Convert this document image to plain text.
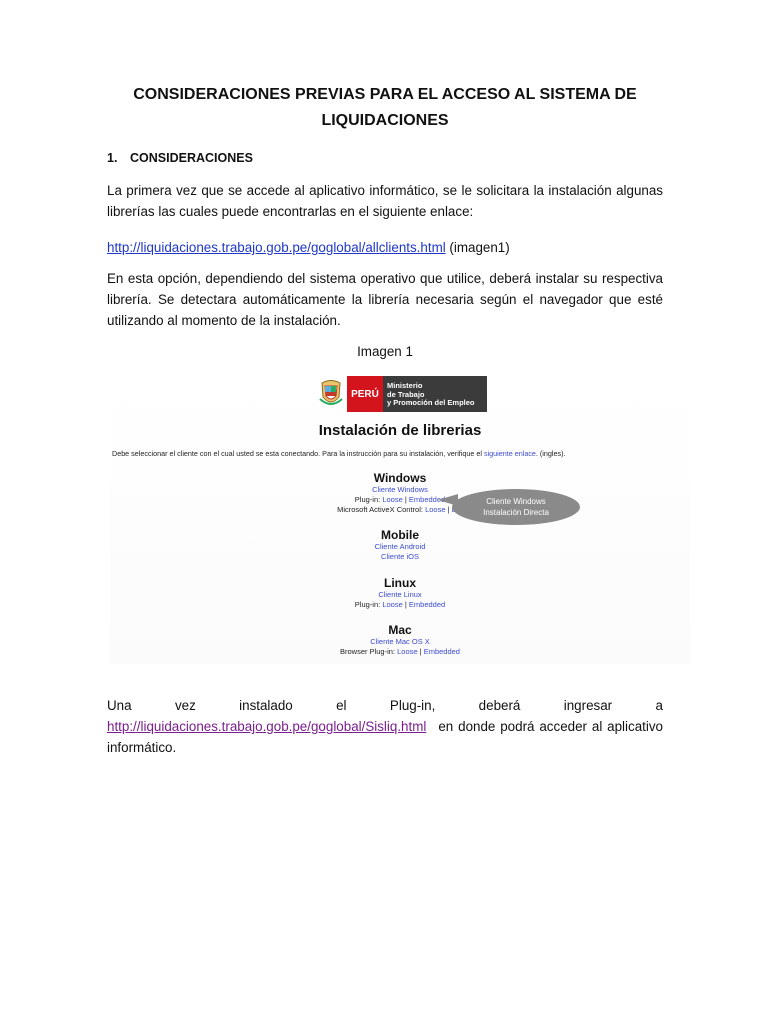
CONSIDERACIONES PREVIAS PARA EL ACCESO AL SISTEMA DE
LIQUIDACIONES
1. CONSIDERACIONES
La primera vez que se accede al aplicativo informático, se le solicitara la instalación algunas librerías las cuales puede encontrarlas en el siguiente enlace:
http://liquidaciones.trabajo.gob.pe/goglobal/allclients.html (imagen1)
En esta opción, dependiendo del sistema operativo que utilice, deberá instalar su respectiva librería. Se detectara automáticamente la librería necesaria según el navegador que esté utilizando al momento de la instalación.
Imagen 1
PERÚ
Ministerio
de Trabajo
y Promoción del Empleo
Instalación de librerias
Debe seleccionar el cliente con el cual usted se esta conectando. Para la instrucción para su instalación, verifique el siguiente enlace. (ingles).
Windows
Cliente Windows
Plug-in: Loose | Embedded
Microsoft ActiveX Control: Loose |
Cliente Windows
Instalación Directa
Mobile
Cliente Android
Cliente iOS
Linux
Cliente Linux
Plug-in: Loose | Embedded
Mac
Cliente Mac OS X
Browser Plug-in: Loose | Embedded
Una	vez	instalado	el	Plug-in,	deberá	ingresar	a
http://liquidaciones.trabajo.gob.pe/goglobal/Sisliq.html en donde podrá acceder al aplicativo
informático.
